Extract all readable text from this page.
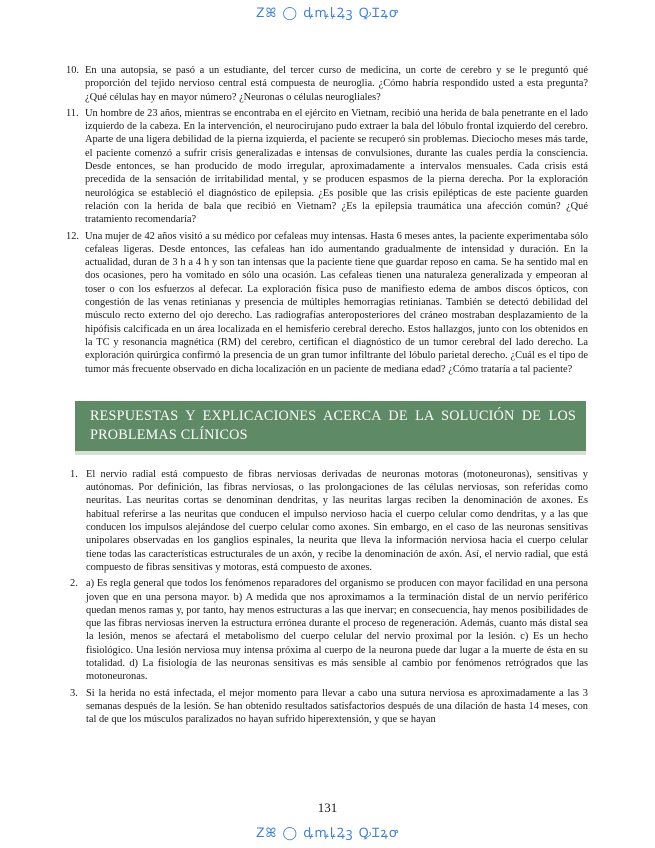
Ꮓꕤ ◯ ꝱꝳꝲꝜꝫ ꝘꞮꝝꝍ
10. En una autopsia, se pasó a un estudiante, del tercer curso de medicina, un corte de cerebro y se le preguntó qué proporción del tejido nervioso central está compuesta de neuroglia. ¿Cómo habría respondido usted a esta pregunta? ¿Qué células hay en mayor número? ¿Neuronas o células neurogliales?
11. Un hombre de 23 años, mientras se encontraba en el ejército en Vietnam, recibió una herida de bala penetrante en el lado izquierdo de la cabeza. En la intervención, el neurocirujano pudo extraer la bala del lóbulo frontal izquierdo del cerebro. Aparte de una ligera debilidad de la pierna izquierda, el paciente se recuperó sin problemas. Dieciocho meses más tarde, el paciente comenzó a sufrir crisis generalizadas e intensas de convulsiones, durante las cuales perdía la consciencia. Desde entonces, se han producido de modo irregular, aproximadamente a intervalos mensuales. Cada crisis está precedida de la sensación de irritabilidad mental, y se producen espasmos de la pierna derecha. Por la exploración neurológica se estableció el diagnóstico de epilepsia. ¿Es posible que las crisis epilépticas de este paciente guarden relación con la herida de bala que recibió en Vietnam? ¿Es la epilepsia traumática una afección común? ¿Qué tratamiento recomendaría?
12. Una mujer de 42 años visitó a su médico por cefaleas muy intensas. Hasta 6 meses antes, la paciente experimentaba sólo cefaleas ligeras. Desde entonces, las cefaleas han ido aumentando gradualmente de intensidad y duración. En la actualidad, duran de 3 h a 4 h y son tan intensas que la paciente tiene que guardar reposo en cama. Se ha sentido mal en dos ocasiones, pero ha vomitado en sólo una ocasión. Las cefaleas tienen una naturaleza generalizada y empeoran al toser o con los esfuerzos al defecar. La exploración física puso de manifiesto edema de ambos discos ópticos, con congestión de las venas retinianas y presencia de múltiples hemorragias retinianas. También se detectó debilidad del músculo recto externo del ojo derecho. Las radiografías anteroposteriores del cráneo mostraban desplazamiento de la hipófisis calcificada en un área localizada en el hemisferio cerebral derecho. Estos hallazgos, junto con los obtenidos en la TC y resonancia magnética (RM) del cerebro, certifican el diagnóstico de un tumor cerebral del lado derecho. La exploración quirúrgica confirmó la presencia de un gran tumor infiltrante del lóbulo parietal derecho. ¿Cuál es el tipo de tumor más frecuente observado en dicha localización en un paciente de mediana edad? ¿Cómo trataría a tal paciente?
RESPUESTAS Y EXPLICACIONES ACERCA DE LA SOLUCIÓN DE LOS PROBLEMAS CLÍNICOS
1. El nervio radial está compuesto de fibras nerviosas derivadas de neuronas motoras (motoneuronas), sensitivas y autónomas. Por definición, las fibras nerviosas, o las prolongaciones de las células nerviosas, son referidas como neuritas. Las neuritas cortas se denominan dendritas, y las neuritas largas reciben la denominación de axones. Es habitual referirse a las neuritas que conducen el impulso nervioso hacia el cuerpo celular como dendritas, y a las que conducen los impulsos alejándose del cuerpo celular como axones. Sin embargo, en el caso de las neuronas sensitivas unipolares observadas en los ganglios espinales, la neurita que lleva la información nerviosa hacia el cuerpo celular tiene todas las características estructurales de un axón, y recibe la denominación de axón. Así, el nervio radial, que está compuesto de fibras sensitivas y motoras, está compuesto de axones.
2. a) Es regla general que todos los fenómenos reparadores del organismo se producen con mayor facilidad en una persona joven que en una persona mayor. b) A medida que nos aproximamos a la terminación distal de un nervio periférico quedan menos ramas y, por tanto, hay menos estructuras a las que inervar; en consecuencia, hay menos posibilidades de que las fibras nerviosas inerven la estructura errónea durante el proceso de regeneración. Además, cuanto más distal sea la lesión, menos se afectará el metabolismo del cuerpo celular del nervio proximal por la lesión. c) Es un hecho fisiológico. Una lesión nerviosa muy intensa próxima al cuerpo de la neurona puede dar lugar a la muerte de ésta en su totalidad. d) La fisiología de las neuronas sensitivas es más sensible al cambio por fenómenos retrógrados que las motoneuronas.
3. Si la herida no está infectada, el mejor momento para llevar a cabo una sutura nerviosa es aproximadamente a las 3 semanas después de la lesión. Se han obtenido resultados satisfactorios después de una dilación de hasta 14 meses, con tal de que los músculos paralizados no hayan sufrido hiperextensión, y que se hayan
131
Ꮓꕤ ◯ ꝱꝳꝲꝜꝫ ꝘꞮꝝꝍ
